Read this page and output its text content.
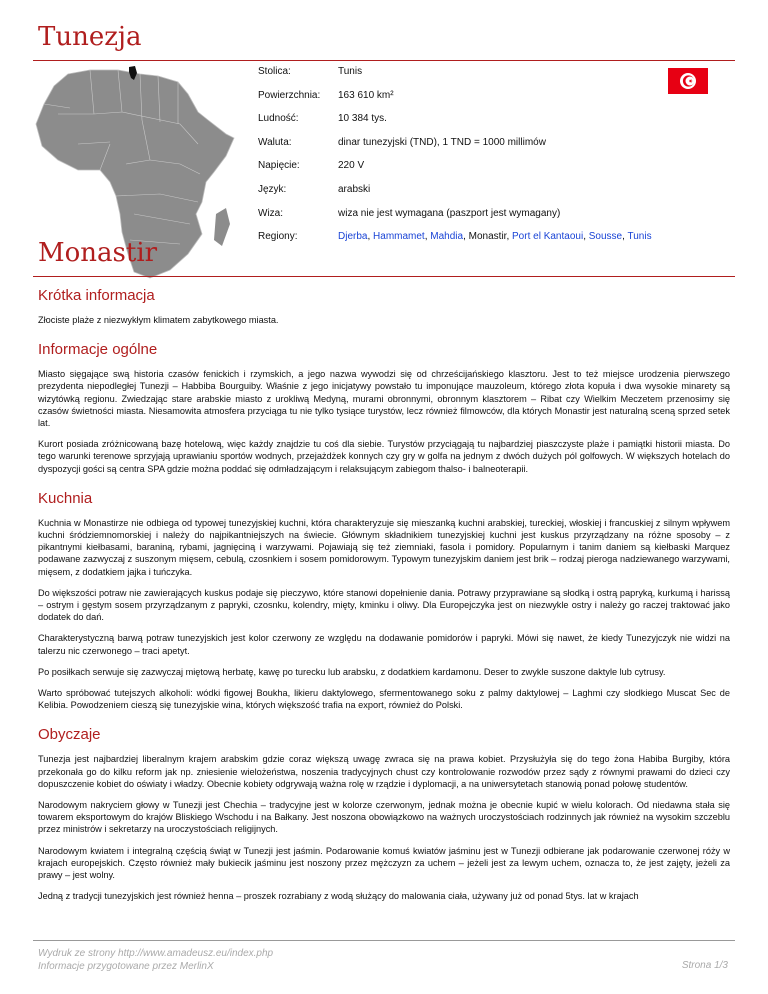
Tunezja
Stolica:	Tunis
Powierzchnia:	163 610 km²
Ludność:	10 384 tys.
Waluta:	dinar tunezyjski (TND), 1 TND = 1000 millimów
Napięcie:	220 V
Język:	arabski
Wiza:	wiza nie jest wymagana (paszport jest wymagany)
Regiony:	Djerba, Hammamet, Mahdia, Monastir, Port el Kantaoui, Sousse, Tunis
Monastir
Krótka informacja

Złociste plaże z niezwykłym klimatem zabytkowego miasta.

Informacje ogólne

Miasto sięgające swą historia czasów fenickich i rzymskich, a jego nazwa wywodzi się od chrześcijańskiego klasztoru. Jest to też miejsce urodzenia pierwszego prezydenta niepodległej Tunezji – Habbiba Bourguiby. Właśnie z jego inicjatywy powstało tu imponujące mauzoleum, którego złota kopuła i dwa wysokie minarety są wizytówką regionu. Zwiedzając stare arabskie miasto z urokliwą Medyną, murami obronnymi, obronnym klasztorem – Ribat czy Wielkim Meczetem przenosimy się czasów świetności miasta. Niesamowita atmosfera przyciąga tu nie tylko tysiące turystów, lecz również filmowców, dla których Monastir jest naturalną sceną sprzed setek lat.

Kurort posiada zróżnicowaną bazę hotelową, więc każdy znajdzie tu coś dla siebie. Turystów przyciągają tu najbardziej piaszczyste plaże i pamiątki historii miasta. Do tego warunki terenowe sprzyjają uprawianiu sportów wodnych, przejażdżek konnych czy gry w golfa na jednym z dwóch dużych pól golfowych. W większych hotelach do dyspozycji gości są centra SPA gdzie można poddać się odmładzającym i relaksującym zabiegom thalso- i balneoterapii.

Kuchnia

Kuchnia w Monastirze nie odbiega od typowej tunezyjskiej kuchni, która charakteryzuje się mieszanką kuchni arabskiej, tureckiej, włoskiej i francuskiej z silnym wpływem kuchni śródziemnomorskiej i należy do najpikantniejszych na świecie. Głównym składnikiem tunezyjskiej kuchni jest kuskus przyrządzany na różne sposoby – z pikantnymi kiełbasami, baraniną, rybami, jagnięciną i warzywami. Pojawiają się też ziemniaki, fasola i pomidory. Popularnym i tanim daniem są kiełbaski Marquez podawane zazwyczaj z suszonym mięsem, cebulą, czosnkiem i sosem pomidorowym. Typowym tunezyjskim daniem jest brik – rodzaj pieroga nadziewanego warzywami, mięsem, z dodatkiem jajka i tuńczyka.

Do większości potraw nie zawierających kuskus podaje się pieczywo, które stanowi dopełnienie dania. Potrawy przyprawiane są słodką i ostrą papryką, kurkumą i harissą – ostrym i gęstym sosem przyrządzanym z papryki, czosnku, kolendry, mięty, kminku i oliwy. Dla Europejczyka jest on niezwykle ostry i należy go raczej traktować jako dodatek do dań.

Charakterystyczną barwą potraw tunezyjskich jest kolor czerwony ze względu na dodawanie pomidorów i papryki. Mówi się nawet, że kiedy Tunezyjczyk nie widzi na talerzu nic czerwonego – traci apetyt.

Po posiłkach serwuje się zazwyczaj miętową herbatę, kawę po turecku lub arabsku, z dodatkiem kardamonu. Deser to zwykle suszone daktyle lub cytrusy.

Warto spróbować tutejszych alkoholi: wódki figowej Boukha, likieru daktylowego, sfermentowanego soku z palmy daktylowej – Laghmi czy słodkiego Muscat Sec de Kelibia. Powodzeniem cieszą się tunezyjskie wina, których większość trafia na export, również do Polski.

Obyczaje

Tunezja jest najbardziej liberalnym krajem arabskim gdzie coraz większą uwagę zwraca się na prawa kobiet. Przysłużyła się do tego żona Habiba Burgiby, która przekonała go do kilku reform jak np. zniesienie wielożeństwa, noszenia tradycyjnych chust czy kontrolowanie rozwodów przez sądy z równymi prawami do dzieci czy dopuszczenie kobiet do oświaty i władzy. Obecnie kobiety odgrywają ważna rolę w rządzie i dyplomacji, a na uniwersytetach stanowią ponad połowę studentów.

Narodowym nakryciem głowy w Tunezji jest Chechia – tradycyjne jest w kolorze czerwonym, jednak można je obecnie kupić w wielu kolorach. Od niedawna stała się towarem eksportowym do krajów Bliskiego Wschodu i na Bałkany. Jest noszona obowiązkowo na ważnych uroczystościach rodzinnych jak również na wysokim szczeblu przez ministrów i sekretarzy na uroczystościach religijnych.

Narodowym kwiatem i integralną częścią świąt w Tunezji jest jaśmin. Podarowanie komuś kwiatów jaśminu jest w Tunezji odbierane jak podarowanie czerwonej róży w krajach europejskich. Często również mały bukiecik jaśminu jest noszony przez mężczyzn za uchem – jeżeli jest za lewym uchem, oznacza to, że jest zajęty, jeżeli za prawy – jest wolny.

Jedną z tradycji tunezyjskich jest również henna – proszek rozrabiany z wodą służący do malowania ciała, używany już od ponad 5tys. lat w krajach

Wydruk ze strony http://www.amadeusz.eu/index.php
Informacje przygotowane przez MerlinX	Strona 1/3
